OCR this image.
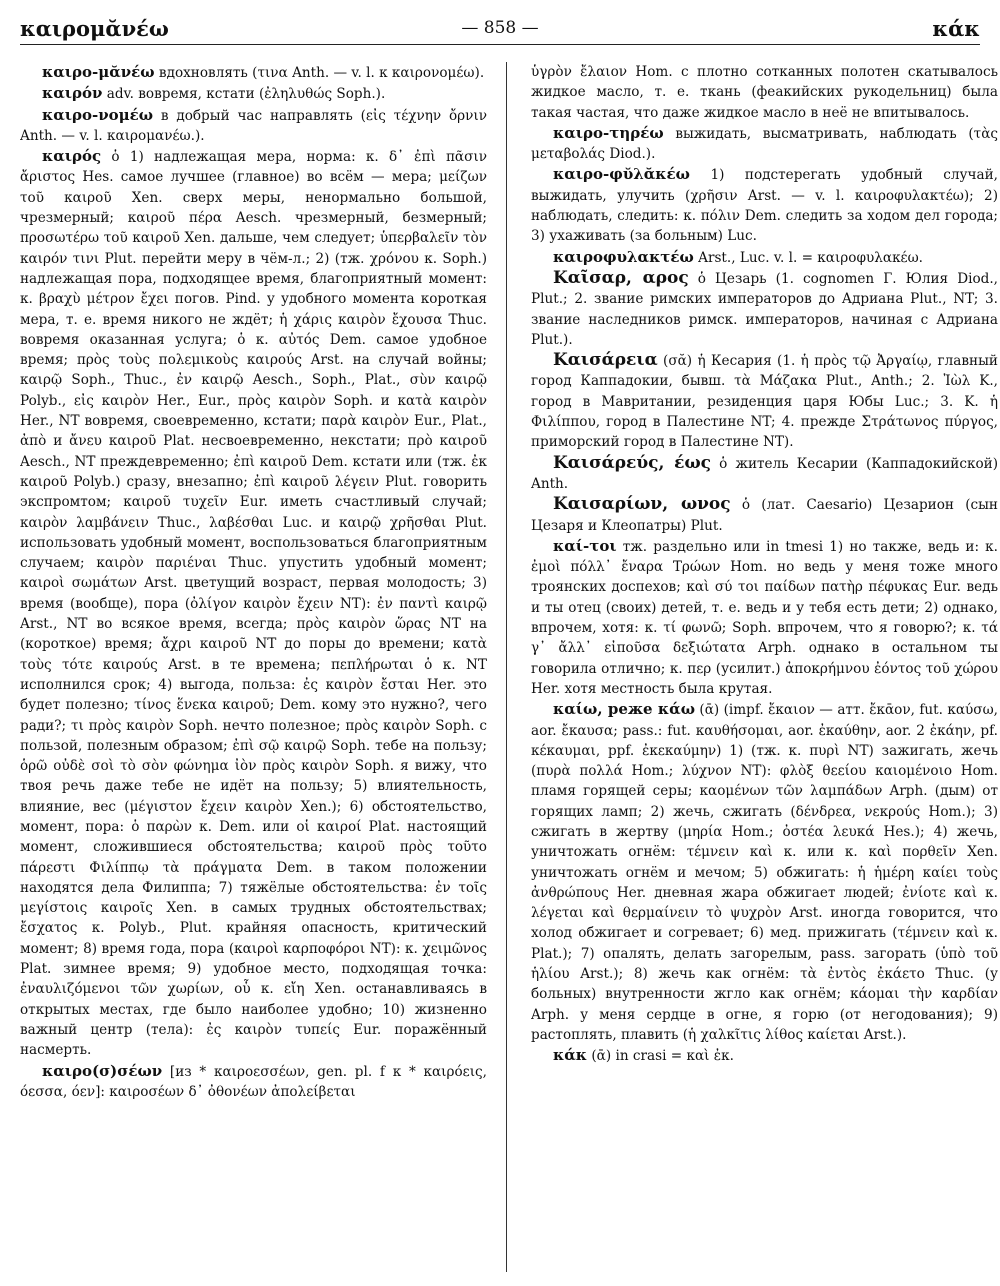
καιρομᾰνέω	— 858 —	κάκ

καιρο-μᾰνέω вдохновлять (τινα Anth. — v. l. к καιρονομέω).

καιρόν adv. вовремя, кстати (ἐληλυθώς Soph.).

καιρο-νομέω в добрый час направлять (εἰς τέχνην ὄρνιν Anth. — v. l. καιρομανέω.).

καιρός ὁ 1) надлежащая мера, норма: κ. δ᾿ ἐπὶ πᾶσιν ἄριστος Hes. самое лучшее (главное) во всём — мера; μείζων τοῦ καιροῦ Xen. сверх меры, ненормально большой, чрезмерный; καιροῦ πέρα Aesch. чрезмерный, безмерный; προσωτέρω τοῦ καιροῦ Xen. дальше, чем следует; ὑπερβαλεῖν τὸν καιρόν τινι Plut. перейти меру в чём-л.; 2) (тж. χρόνου κ. Soph.) надлежащая пора, подходящее время, благоприятный момент: κ. βραχὺ μέτρον ἔχει погов. Pind. у удобного момента короткая мера, т. е. время никого не ждёт; ἡ χάρις καιρὸν ἔχουσα Thuc. вовремя оказанная услуга; ὁ κ. αὐτός Dem. самое удобное время; πρὸς τοὺς πολεμικοὺς καιρούς Arst. на случай войны; καιρῷ Soph., Thuc., ἐν καιρῷ Aesch., Soph., Plat., σὺν καιρῷ Polyb., εἰς καιρὸν Her., Eur., πρὸς καιρὸν Soph. и κατὰ καιρὸν Her., NT вовремя, своевременно, кстати; παρὰ καιρὸν Eur., Plat., ἀπὸ и ἄνευ καιροῦ Plat. несвоевременно, некстати; πρὸ καιροῦ Aesch., NT преждевременно; ἐπὶ καιροῦ Dem. кстати или (тж. ἐκ καιροῦ Polyb.) сразу, внезапно; ἐπὶ καιροῦ λέγειν Plut. говорить экспромтом; καιροῦ τυχεῖν Eur. иметь счастливый случай; καιρὸν λαμβάνειν Thuc., λαβέσθαι Luc. и καιρῷ χρῆσθαι Plut. использовать удобный момент, воспользоваться благоприятным случаем; καιρὸν παριέναι Thuc. упустить удобный момент; καιροὶ σωμάτων Arst. цветущий возраст, первая молодость; 3) время (вообще), пора (ὀλίγον καιρὸν ἔχειν NT): ἐν παντὶ καιρῷ Arst., NT во всякое время, всегда; πρὸς καιρὸν ὥρας NT на (короткое) время; ἄχρι καιροῦ NT до поры до времени; κατὰ τοὺς τότε καιρούς Arst. в те времена; πεπλήρωται ὁ κ. NT исполнился срок; 4) выгода, польза: ἐς καιρὸν ἔσται Her. это будет полезно; τίνος ἕνεκα καιροῦ; Dem. кому это нужно?, чего ради?; τι πρὸς καιρὸν Soph. нечто полезное; πρὸς καιρὸν Soph. с пользой, полезным образом; ἐπὶ σῷ καιρῷ Soph. тебе на пользу; ὁρῶ οὐδὲ σοὶ τὸ σὸν φώνημα ἰὸν πρὸς καιρὸν Soph. я вижу, что твоя речь даже тебе не идёт на пользу; 5) влиятельность, влияние, вес (μέγιστον ἔχειν καιρὸν Xen.); 6) обстоятельство, момент, пора: ὁ παρὼν κ. Dem. или οἱ καιροί Plat. настоящий момент, сложившиеся обстоятельства; καιροῦ πρὸς τοῦτο πάρεστι Φιλίππῳ τὰ πράγματα Dem. в таком положении находятся дела Филиппа; 7) тяжёлые обстоятельства: ἐν τοῖς μεγίστοις καιροῖς Xen. в самых трудных обстоятельствах; ἔσχατος κ. Polyb., Plut. крайняя опасность, критический момент; 8) время года, пора (καιροὶ καρποφόροι NT): κ. χειμῶνος Plat. зимнее время; 9) удобное место, подходящая точка: ἐναυλιζόμενοι τῶν χωρίων, οὗ κ. εἴη Xen. останавливаясь в открытых местах, где было наиболее удобно; 10) жизненно важный центр (тела): ἐς καιρὸν τυπείς Eur. поражённый насмерть.

καιρο(σ)σέων [из * καιροεσσέων, gen. pl. f к * καιρόεις, όεσσα, όεν]: καιροσέων δ᾿ ὀθονέων ἀπολείβεται

ὑγρὸν ἔλαιον Hom. с плотно сотканных полотен скатывалось жидкое масло, т. е. ткань (феакийских рукодельниц) была такая частая, что даже жидкое масло в неё не впитывалось.

καιρο-τηρέω выжидать, высматривать, наблюдать (τὰς μεταβολάς Diod.).

καιρο-φῠλᾰκέω 1) подстерегать удобный случай, выжидать, улучить (χρῆσιν Arst. — v. l. καιροφυλακτέω); 2) наблюдать, следить: κ. πόλιν Dem. следить за ходом дел города; 3) ухаживать (за больным) Luc.

καιροφυλακτέω Arst., Luc. v. l. = καιροφυλακέω.

Καῖσαρ, αρος ὁ Цезарь (1. cognomen Г. Юлия Diod., Plut.; 2. звание римских императоров до Адриана Plut., NT; 3. звание наследников римск. императоров, начиная с Адриана Plut.).

Καισάρεια (σᾰ) ἡ Кесария (1. ἡ πρὸς τῷ Ἀργαίῳ, главный город Каппадокии, бывш. τὰ Μάζακα Plut., Anth.; 2. Ἰὼλ Κ., город в Мавритании, резиденция царя Юбы Luc.; 3. Κ. ἡ Φιλίππου, город в Палестине NT; 4. прежде Στράτωνος πύργος, приморский город в Палестине NT).

Καισάρεύς, έως ὁ житель Кесарии (Каппадокийской) Anth.

Καισαρίων, ωνος ὁ (лат. Caesario) Цезарион (сын Цезаря и Клеопатры) Plut.

καί-τοι тж. раздельно или in tmesi 1) но также, ведь и: κ. ἐμοὶ πόλλ᾿ ἔναρα Τρώων Hom. но ведь у меня тоже много троянских доспехов; καὶ σύ τοι παίδων πατὴρ πέφυκας Eur. ведь и ты отец (своих) детей, т. е. ведь и у тебя есть дети; 2) однако, впрочем, хотя: κ. τί φωνῶ; Soph. впрочем, что я говорю?; κ. τά γ᾿ ἄλλ᾿ εἰποῦσα δεξιώτατα Arph. однако в остальном ты говорила отлично; κ. περ (усилит.) ἀποκρήμνου ἐόντος τοῦ χώρου Her. хотя местность была крутая.

καίω, реже κάω (ᾱ) (impf. ἔκαιον — атт. ἔκᾱον, fut. καύσω, aor. ἔκαυσα; pass.: fut. καυθήσομαι, aor. ἐκαύθην, aor. 2 ἐκάην, pf. κέκαυμαι, ppf. ἐκεκαύμην) 1) (тж. κ. πυρὶ NT) зажигать, жечь (πυρὰ πολλά Hom.; λύχνον NT): φλὸξ θεείου καιομένοιο Hom. пламя горящей серы; καομένων τῶν λαμπάδων Arph. (дым) от горящих ламп; 2) жечь, сжигать (δένδρεα, νεκρούς Hom.); 3) сжигать в жертву (μηρία Hom.; ὀστέα λευκά Hes.); 4) жечь, уничтожать огнём: τέμνειν καὶ κ. или κ. καὶ πορθεῖν Xen. уничтожать огнём и мечом; 5) обжигать: ἡ ἡμέρη καίει τοὺς ἀνθρώπους Her. дневная жара обжигает людей; ἐνίοτε καὶ κ. λέγεται καὶ θερμαίνειν τὸ ψυχρὸν Arst. иногда говорится, что холод обжигает и согревает; 6) мед. прижигать (τέμνειν καὶ κ. Plat.); 7) опалять, делать загорелым, pass. загорать (ὑπὸ τοῦ ἡλίου Arst.); 8) жечь как огнём: τὰ ἐντὸς ἐκάετο Thuc. (у больных) внутренности жгло как огнём; κάομαι τὴν καρδίαν Arph. у меня сердце в огне, я горю (от негодования); 9) растоплять, плавить (ἡ χαλκῖτις λίθος καίεται Arst.).

κάκ (ᾱ) in crasi = καὶ ἐκ.
